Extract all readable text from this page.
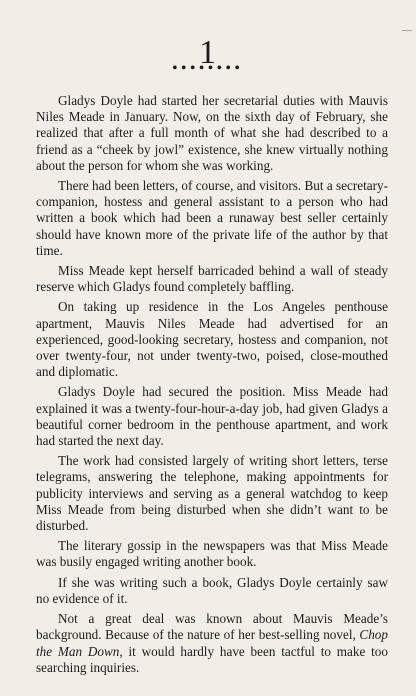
1
••••••••

Gladys Doyle had started her secretarial duties with Mauvis Niles Meade in January. Now, on the sixth day of February, she realized that after a full month of what she had described to a friend as a “cheek by jowl” existence, she knew virtually nothing about the person for whom she was working.

There had been letters, of course, and visitors. But a secretary-companion, hostess and general assistant to a person who had written a book which had been a runaway best seller certainly should have known more of the private life of the author by that time.

Miss Meade kept herself barricaded behind a wall of steady reserve which Gladys found completely baffling.

On taking up residence in the Los Angeles penthouse apartment, Mauvis Niles Meade had advertised for an experienced, good-looking secretary, hostess and companion, not over twenty-four, not under twenty-two, poised, close-mouthed and diplomatic.

Gladys Doyle had secured the position. Miss Meade had explained it was a twenty-four-hour-a-day job, had given Gladys a beautiful corner bedroom in the penthouse apartment, and work had started the next day.

The work had consisted largely of writing short letters, terse telegrams, answering the telephone, making appointments for publicity interviews and serving as a general watchdog to keep Miss Meade from being disturbed when she didn’t want to be disturbed.

The literary gossip in the newspapers was that Miss Meade was busily engaged writing another book.

If she was writing such a book, Gladys Doyle certainly saw no evidence of it.

Not a great deal was known about Mauvis Meade’s background. Because of the nature of her best-selling novel, Chop the Man Down, it would hardly have been tactful to make too searching inquiries.
